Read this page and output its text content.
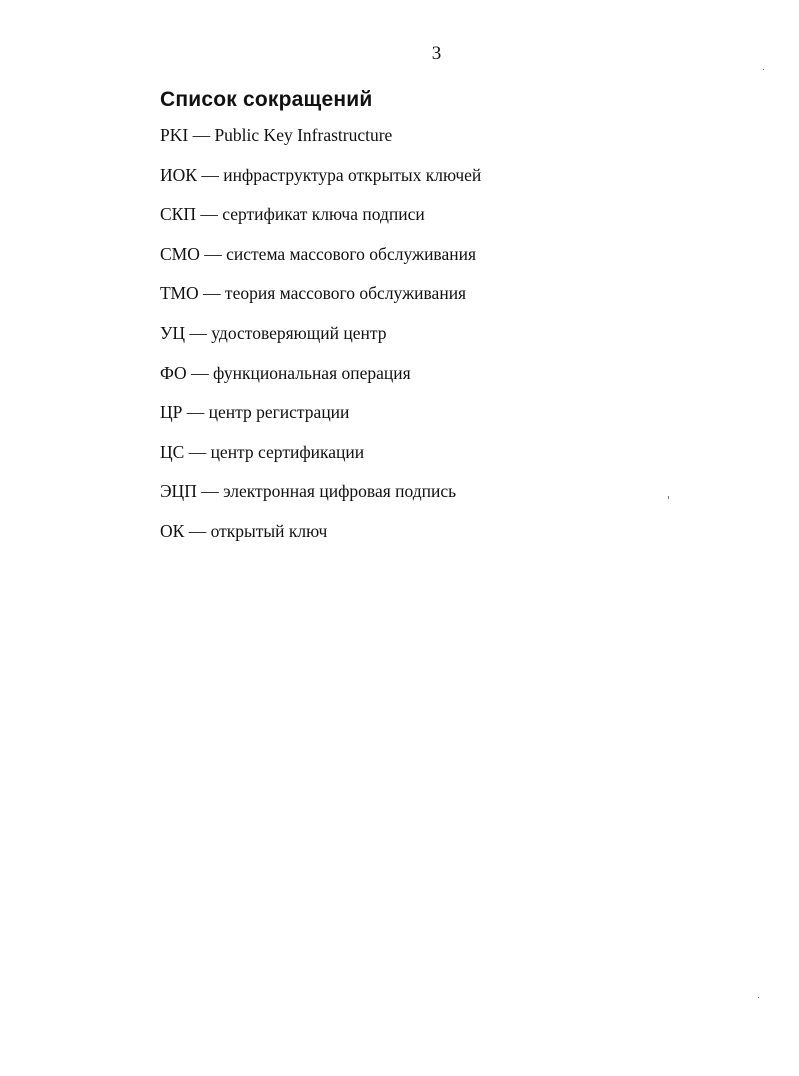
3
Список сокращений
PKI — Public Key Infrastructure
ИОК — инфраструктура открытых ключей
СКП — сертификат ключа подписи
СМО — система массового обслуживания
ТМО — теория массового обслуживания
УЦ — удостоверяющий центр
ФО — функциональная операция
ЦР — центр регистрации
ЦС — центр сертификации
ЭЦП — электронная цифровая подпись
ОК — открытый ключ
